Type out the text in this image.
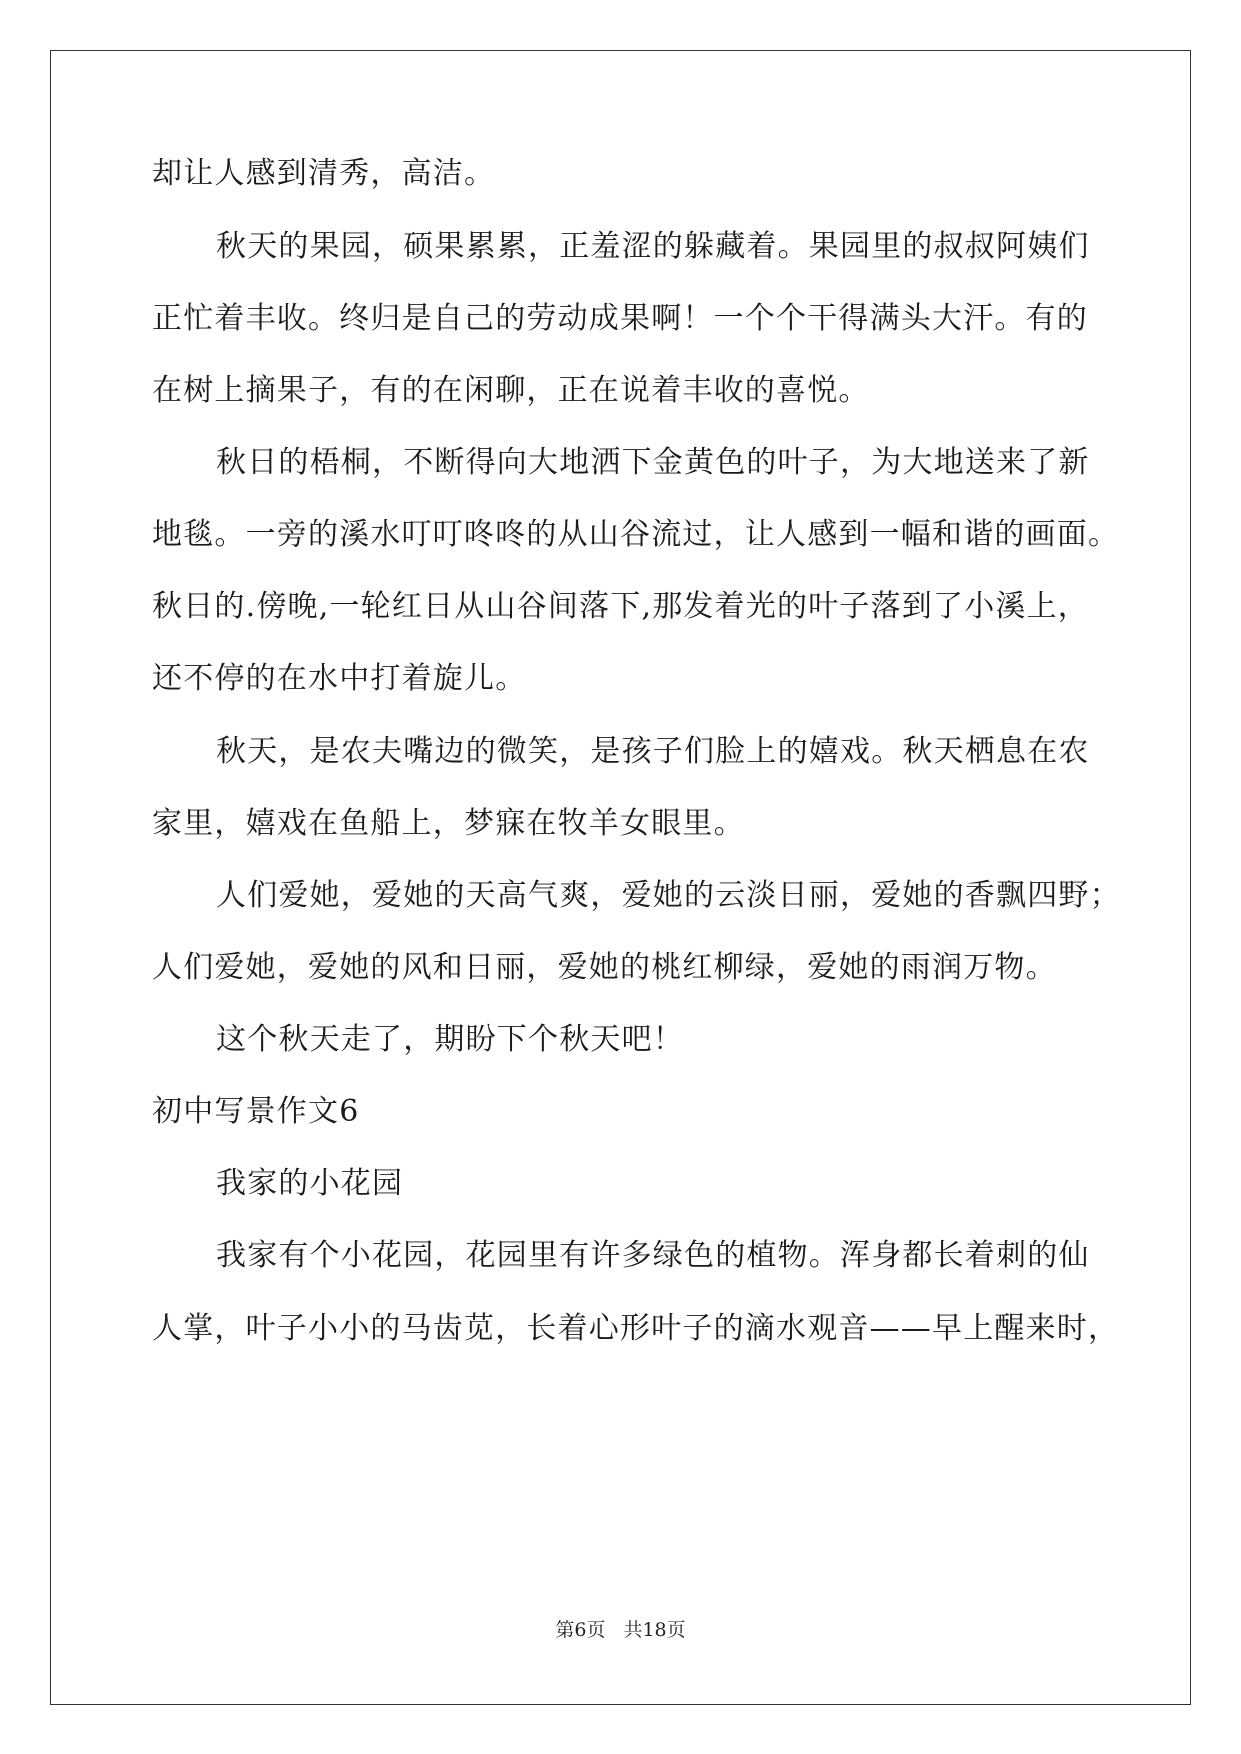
却让人感到清秀，高洁。
秋天的果园，硕果累累，正羞涩的躲藏着。果园里的叔叔阿姨们
正忙着丰收。终归是自己的劳动成果啊！一个个干得满头大汗。有的
在树上摘果子，有的在闲聊，正在说着丰收的喜悦。
秋日的梧桐，不断得向大地洒下金黄色的叶子，为大地送来了新
地毯。一旁的溪水叮叮咚咚的从山谷流过，让人感到一幅和谐的画面。
秋日的.傍晚,一轮红日从山谷间落下,那发着光的叶子落到了小溪上，
还不停的在水中打着旋儿。
秋天，是农夫嘴边的微笑，是孩子们脸上的嬉戏。秋天栖息在农
家里，嬉戏在鱼船上，梦寐在牧羊女眼里。
人们爱她，爱她的天高气爽，爱她的云淡日丽，爱她的香飘四野；
人们爱她，爱她的风和日丽，爱她的桃红柳绿，爱她的雨润万物。
这个秋天走了，期盼下个秋天吧！
初中写景作文6
我家的小花园
我家有个小花园，花园里有许多绿色的植物。浑身都长着刺的仙
人掌，叶子小小的马齿苋，长着心形叶子的滴水观音——早上醒来时，
第6页 共18页
